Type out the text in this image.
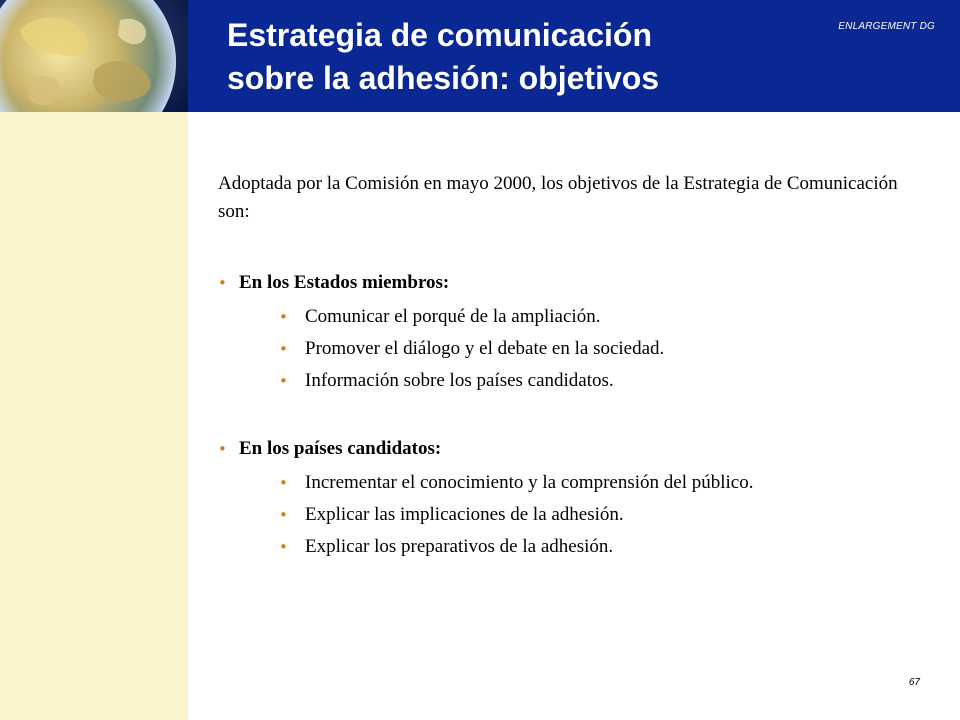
Estrategia de comunicación
sobre la adhesión: objetivos
ENLARGEMENT DG

Adoptada por la Comisión en mayo 2000, los objetivos de la Estrategia de Comunicación son:

• En los Estados miembros:
• Comunicar el porqué de la ampliación.
• Promover el diálogo y el debate en la sociedad.
• Información sobre los países candidatos.
• En los países candidatos:
• Incrementar el conocimiento y la comprensión del público.
• Explicar las implicaciones de la adhesión.
• Explicar los preparativos de la adhesión.
67
